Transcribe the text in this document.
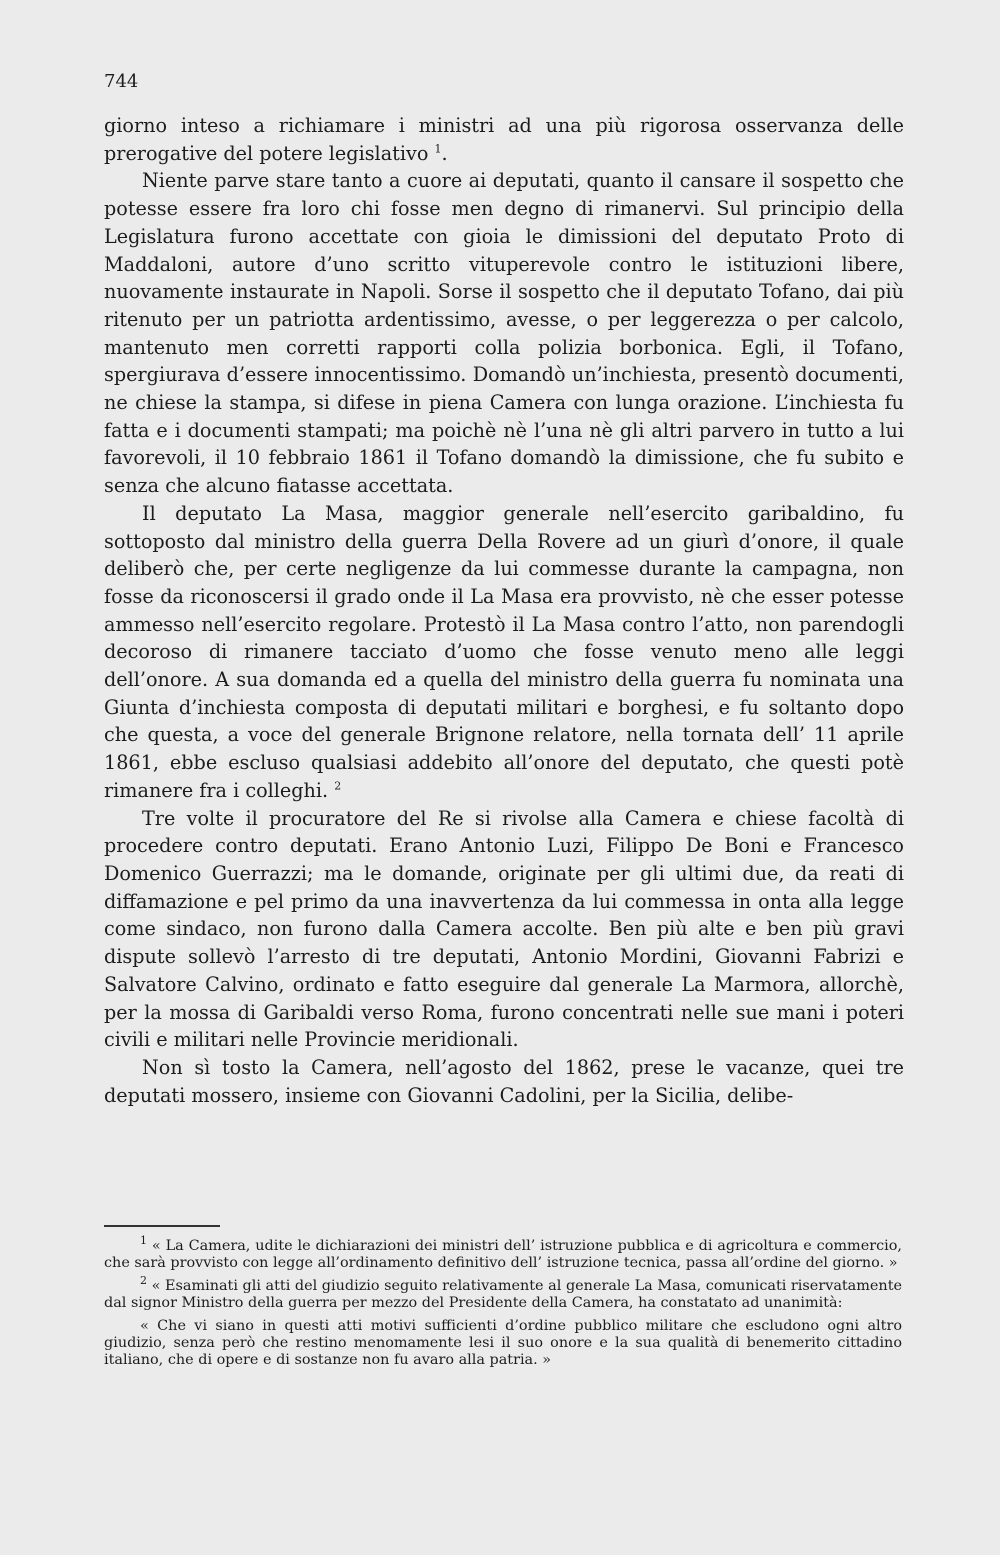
744

giorno inteso a richiamare i ministri ad una più rigorosa osservanza delle prerogative del potere legislativo $^1$.

Niente parve stare tanto a cuore ai deputati, quanto il cansare il sospetto che potesse essere fra loro chi fosse men degno di rimanervi. Sul principio della Legislatura furono accettate con gioia le dimissioni del deputato Proto di Maddaloni, autore d’uno scritto vituperevole contro le istituzioni libere, nuovamente instaurate in Napoli. Sorse il sospetto che il deputato Tofano, dai più ritenuto per un patriotta ardentissimo, avesse, o per leggerezza o per calcolo, mantenuto men corretti rapporti colla polizia borbonica. Egli, il Tofano, spergiurava d’essere innocentissimo. Domandò un’inchiesta, presentò documenti, ne chiese la stampa, si difese in piena Camera con lunga orazione. L’inchiesta fu fatta e i documenti stampati; ma poichè nè l’una nè gli altri parvero in tutto a lui favorevoli, il 10 febbraio 1861 il Tofano domandò la dimissione, che fu subito e senza che alcuno fiatasse accettata.

Il deputato La Masa, maggior generale nell’esercito garibaldino, fu sottoposto dal ministro della guerra Della Rovere ad un giurì d’onore, il quale deliberò che, per certe negligenze da lui commesse durante la campagna, non fosse da riconoscersi il grado onde il La Masa era provvisto, nè che esser potesse ammesso nell’esercito regolare. Protestò il La Masa contro l’atto, non parendogli decoroso di rimanere tacciato d’uomo che fosse venuto meno alle leggi dell’onore. A sua domanda ed a quella del ministro della guerra fu nominata una Giunta d’inchiesta composta di deputati militari e borghesi, e fu soltanto dopo che questa, a voce del generale Brignone relatore, nella tornata dell’ 11 aprile 1861, ebbe escluso qualsiasi addebito all’onore del deputato, che questi potè rimanere fra i colleghi. $^2$

Tre volte il procuratore del Re si rivolse alla Camera e chiese facoltà di procedere contro deputati. Erano Antonio Luzi, Filippo De Boni e Francesco Domenico Guerrazzi; ma le domande, originate per gli ultimi due, da reati di diffamazione e pel primo da una inavvertenza da lui commessa in onta alla legge come sindaco, non furono dalla Camera accolte. Ben più alte e ben più gravi dispute sollevò l’arresto di tre deputati, Antonio Mordini, Giovanni Fabrizi e Salvatore Calvino, ordinato e fatto eseguire dal generale La Marmora, allorchè, per la mossa di Garibaldi verso Roma, furono concentrati nelle sue mani i poteri civili e militari nelle Provincie meridionali.

Non sì tosto la Camera, nell’agosto del 1862, prese le vacanze, quei tre deputati mossero, insieme con Giovanni Cadolini, per la Sicilia, delibe-

$^1$ « La Camera, udite le dichiarazioni dei ministri dell’ istruzione pubblica e di agricoltura e commercio, che sarà provvisto con legge all’ordinamento definitivo dell’ istruzione tecnica, passa all’ordine del giorno. »

$^2$ « Esaminati gli atti del giudizio seguito relativamente al generale La Masa, comunicati riservatamente dal signor Ministro della guerra per mezzo del Presidente della Camera, ha constatato ad unanimità:

« Che vi siano in questi atti motivi sufficienti d’ordine pubblico militare che escludono ogni altro giudizio, senza però che restino menomamente lesi il suo onore e la sua qualità di benemerito cittadino italiano, che di opere e di sostanze non fu avaro alla patria. »
